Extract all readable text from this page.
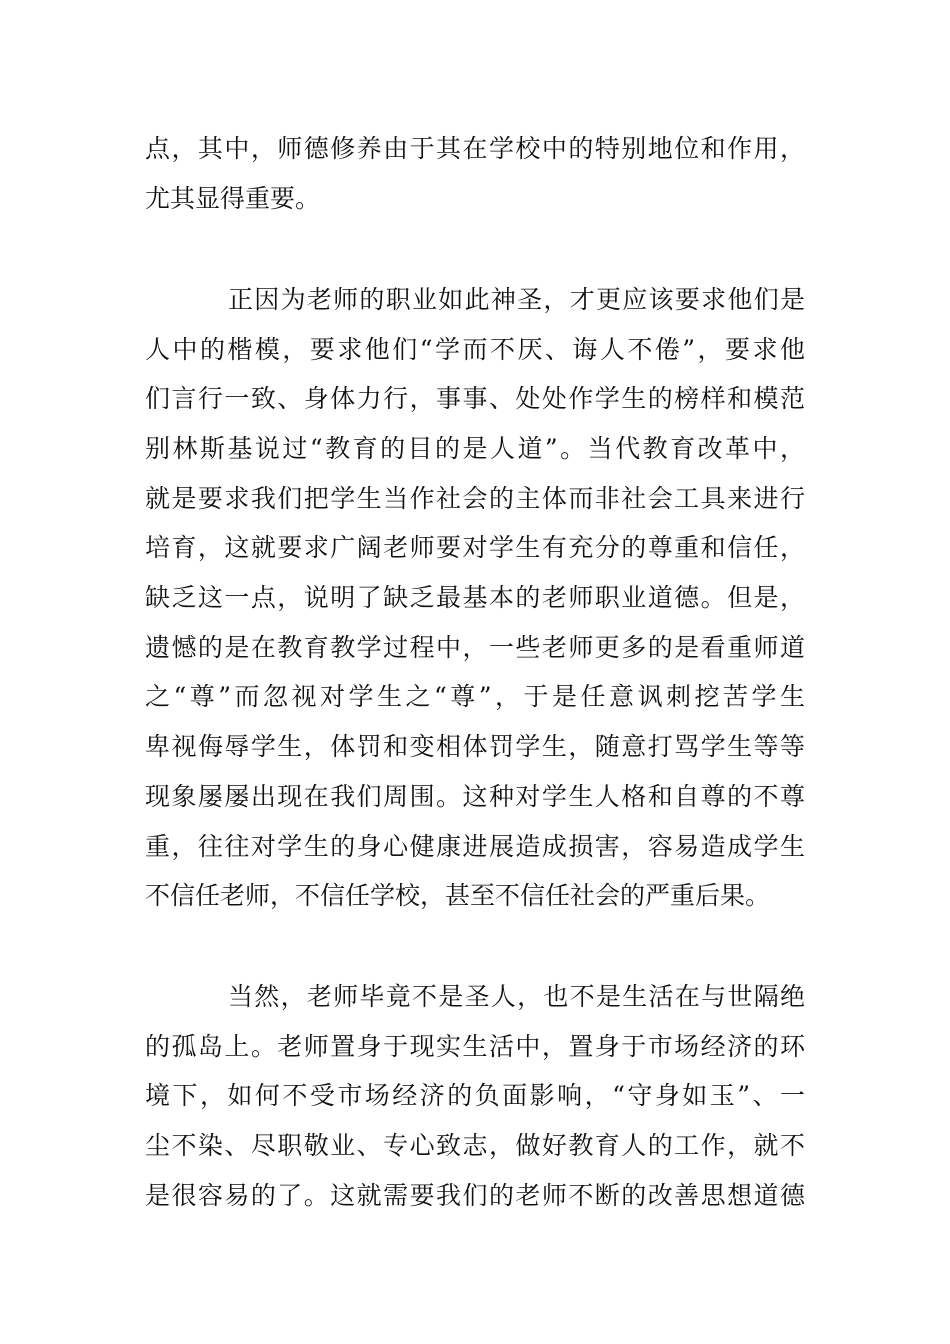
点，其中，师德修养由于其在学校中的特别地位和作用，
尤其显得重要。
正因为老师的职业如此神圣，才更应该要求他们是
人中的楷模，要求他们“学而不厌、诲人不倦”，要求他
们言行一致、身体力行，事事、处处作学生的榜样和模范
别林斯基说过“教育的目的是人道”。当代教育改革中，
就是要求我们把学生当作社会的主体而非社会工具来进行
培育，这就要求广阔老师要对学生有充分的尊重和信任，
缺乏这一点，说明了缺乏最基本的老师职业道德。但是，
遗憾的是在教育教学过程中，一些老师更多的是看重师道
之“尊”而忽视对学生之“尊”，于是任意讽刺挖苦学生
卑视侮辱学生，体罚和变相体罚学生，随意打骂学生等等
现象屡屡出现在我们周围。这种对学生人格和自尊的不尊
重，往往对学生的身心健康进展造成损害，容易造成学生
不信任老师，不信任学校，甚至不信任社会的严重后果。
当然，老师毕竟不是圣人，也不是生活在与世隔绝
的孤岛上。老师置身于现实生活中，置身于市场经济的环
境下，如何不受市场经济的负面影响，“守身如玉”、一
尘不染、尽职敬业、专心致志，做好教育人的工作，就不
是很容易的了。这就需要我们的老师不断的改善思想道德
